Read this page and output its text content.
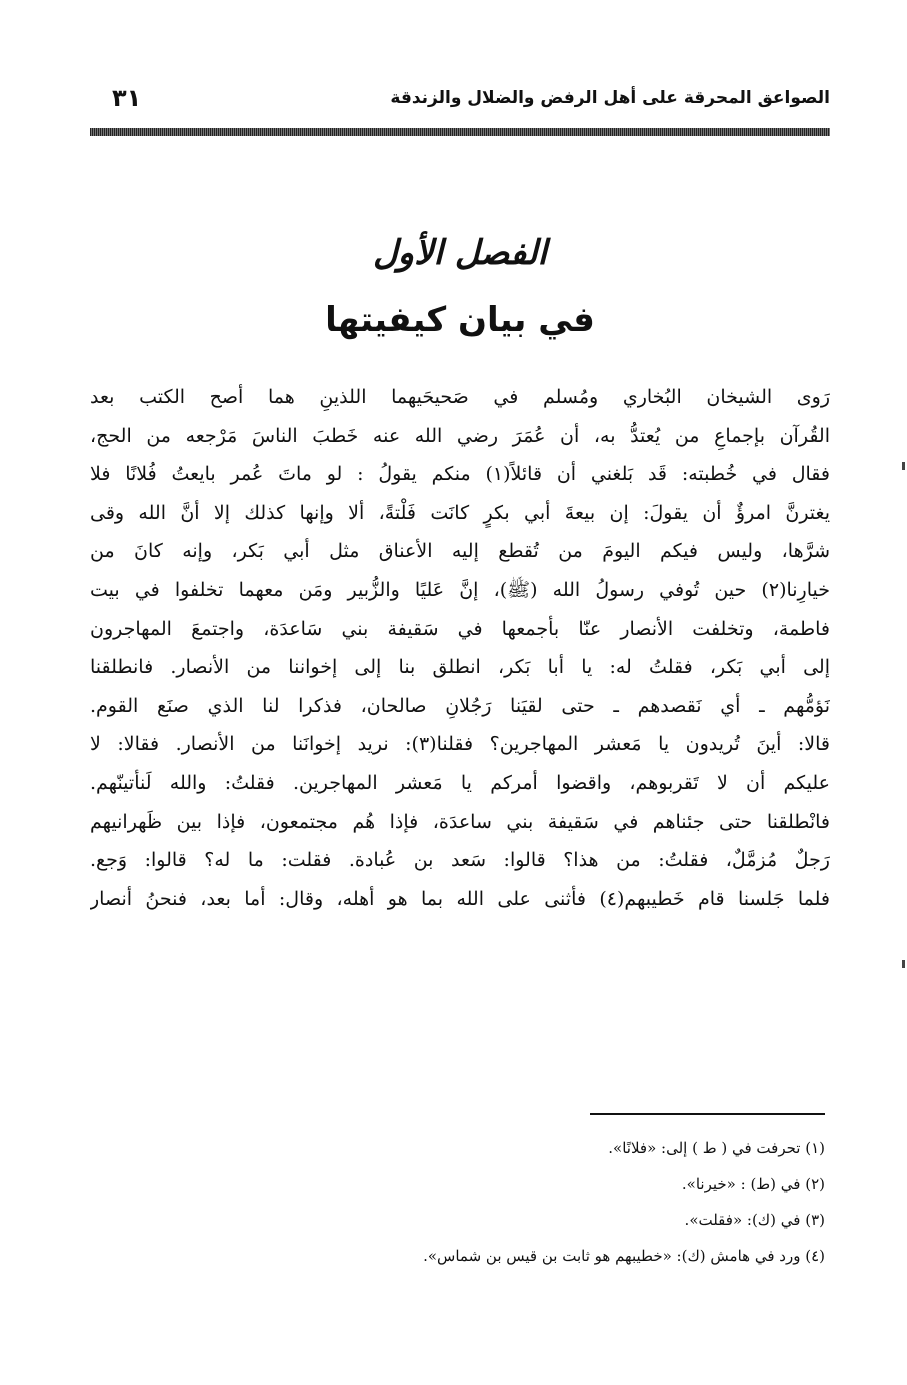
الصواعق المحرقة على أهل الرفض والضلال والزندقة
٣١
الفصل الأول
في بيان كيفيتها
رَوى الشيخان البُخاري ومُسلم في صَحيحَيهما اللذينِ هما أصح الكتب بعد
القُرآن بإجماعِ من يُعتدُّ به، أن عُمَرَ رضي الله عنه خَطبَ الناسَ مَرْجعه من الحج،
فقال في خُطبته: قَد بَلغني أن قائلاً(١) منكم يقولُ : لو ماتَ عُمر بايعتُ فُلانًا فلا
يغترنَّ امرؤٌ أن يقولَ: إن بيعةَ أبي بكرٍ كانَت فَلْتةً، ألا وإنها كذلك إلا أنَّ الله وقى
شرَّها، وليس فيكم اليومَ من تُقطع إليه الأعناق مثل أبي بَكر، وإنه كانَ من
خيارِنا(٢) حين تُوفي رسولُ الله (ﷺ)، إنَّ عَليًا والزُّبير ومَن معهما تخلفوا في بيت
فاطمة، وتخلفت الأنصار عنّا بأجمعها في سَقيفة بني سَاعدَة، واجتمعَ المهاجرون
إلى أبي بَكر، فقلتُ له: يا أبا بَكر، انطلق بنا إلى إخواننا من الأنصار. فانطلقنا
نَؤمُّهم ـ أي نَقصدهم ـ حتى لقيَنا رَجُلانِ صالحان، فذكرا لنا الذي صنَع القوم.
قالا: أينَ تُريدون يا مَعشر المهاجرين؟ فقلنا(٣): نريد إخوانَنا من الأنصار. فقالا: لا
عليكم أن لا تَقربوهم، واقضوا أمركم يا مَعشر المهاجرين. فقلتُ: والله لَنأتينّهم.
فانْطلقنا حتى جئناهم في سَقيفة بني ساعدَة، فإذا هُم مجتمعون، فإذا بين ظَهرانيهم
رَجلٌ مُزمَّلٌ، فقلتُ: من هذا؟ قالوا: سَعد بن عُبادة. فقلت: ما له؟ قالوا: وَجع.
فلما جَلسنا قام خَطيبهم(٤) فأثنى على الله بما هو أهله، وقال: أما بعد، فنحنُ أنصار
(١) تحرفت في ( ط ) إلى: «فلانًا».
(٢) في (ط) : «خيرنا».
(٣) في (ك): «فقلت».
(٤) ورد في هامش (ك): «خطيبهم هو ثابت بن قيس بن شماس».
